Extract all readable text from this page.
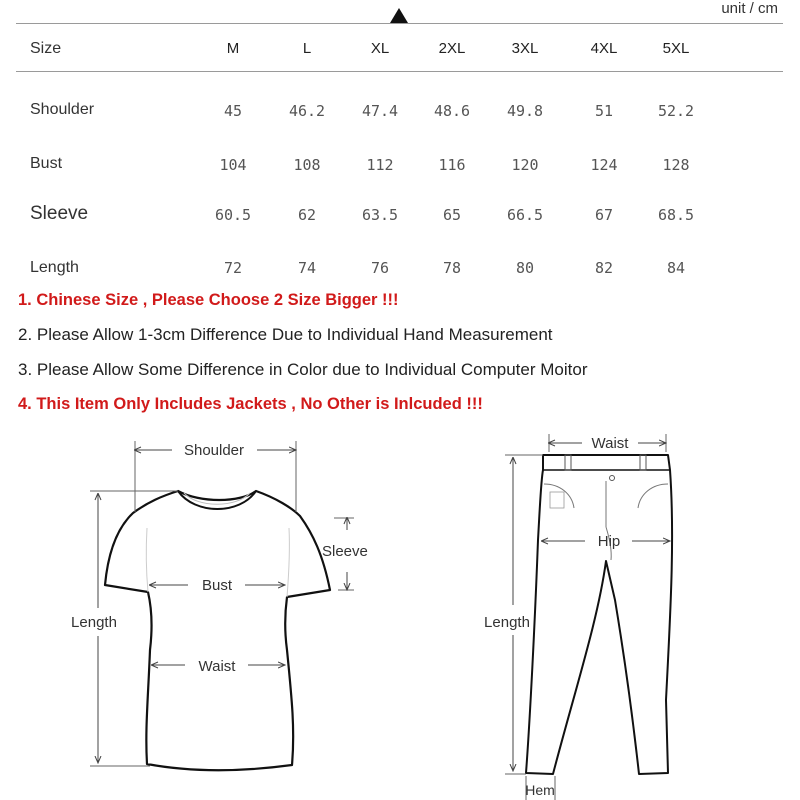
unit / cm
Size	M	L	XL	2XL	3XL	4XL	5XL
Shoulder	45	46.2	47.4	48.6	49.8	51	52.2
Bust	104	108	112	116	120	124	128
Sleeve	60.5	62	63.5	65	66.5	67	68.5
Length	72	74	76	78	80	82	84
1. Chinese Size , Please Choose 2 Size Bigger !!!
2. Please Allow 1-3cm Difference Due to Individual Hand Measurement
3. Please Allow Some Difference in Color due to Individual Computer Moitor
4. This Item Only Includes Jackets , No Other is Inlcuded !!!
Shoulder
Sleeve
Bust
Length
Waist
Waist
Hip
Length
Hem
